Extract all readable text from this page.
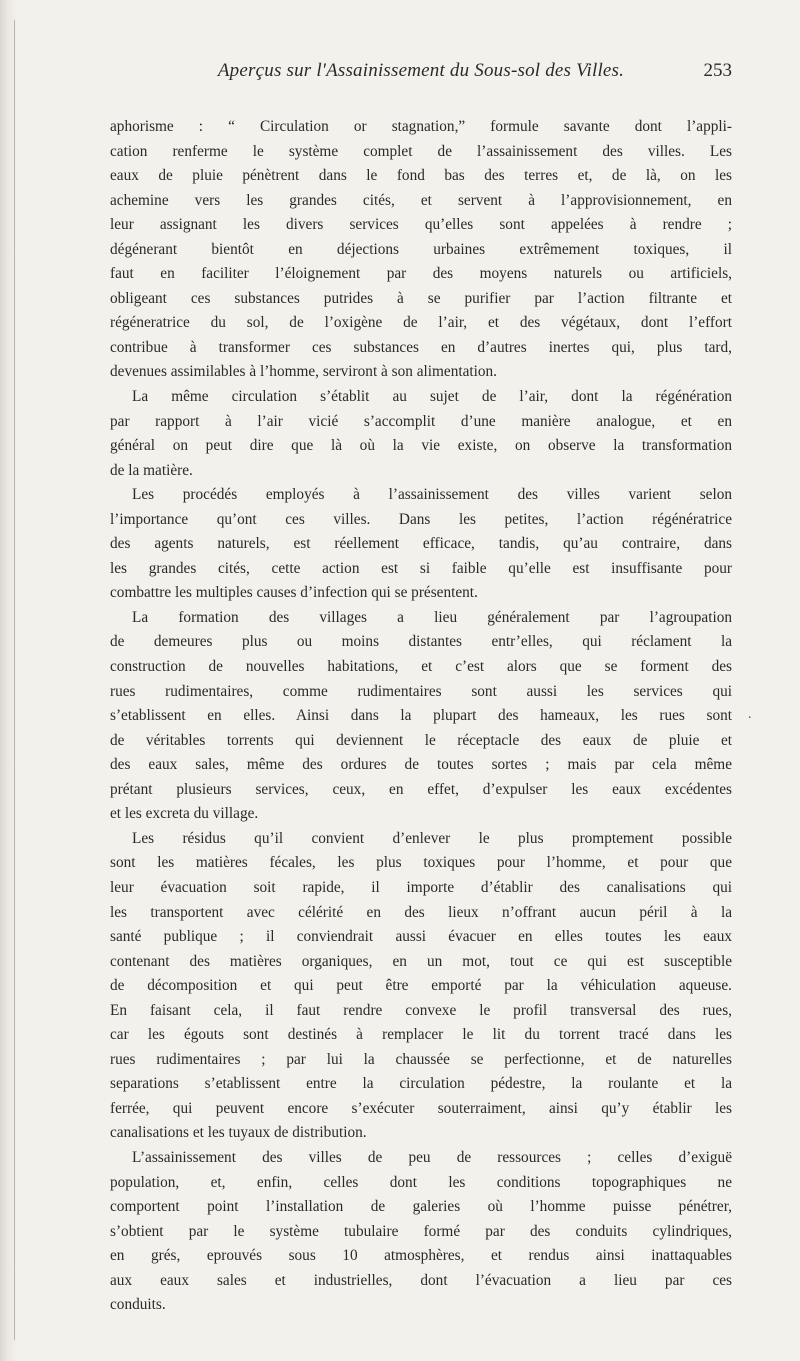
Aperçus sur l'Assainissement du Sous-sol des Villes.	253
aphorisme : “ Circulation or stagnation,” formule savante dont l’appli-
cation renferme le système complet de l’assainissement des villes. Les
eaux de pluie pénètrent dans le fond bas des terres et, de là, on les
achemine vers les grandes cités, et servent à l’approvisionnement, en
leur assignant les divers services qu’elles sont appelées à rendre ;
dégénerant bientôt en déjections urbaines extrêmement toxiques, il
faut en faciliter l’éloignement par des moyens naturels ou artificiels,
obligeant ces substances putrides à se purifier par l’action filtrante et
régéneratrice du sol, de l’oxigène de l’air, et des végétaux, dont l’effort
contribue à transformer ces substances en d’autres inertes qui, plus tard,
devenues assimilables à l’homme, serviront à son alimentation.
La même circulation s’établit au sujet de l’air, dont la régénération
par rapport à l’air vicié s’accomplit d’une manière analogue, et en
général on peut dire que là où la vie existe, on observe la transformation
de la matière.
Les procédés employés à l’assainissement des villes varient selon
l’importance qu’ont ces villes. Dans les petites, l’action régénératrice
des agents naturels, est réellement efficace, tandis, qu’au contraire, dans
les grandes cités, cette action est si faible qu’elle est insuffisante pour
combattre les multiples causes d’infection qui se présentent.
La formation des villages a lieu généralement par l’agroupation
de demeures plus ou moins distantes entr’elles, qui réclament la
construction de nouvelles habitations, et c’est alors que se forment des
rues rudimentaires, comme rudimentaires sont aussi les services qui
s’etablissent en elles. Ainsi dans la plupart des hameaux, les rues sont
de véritables torrents qui deviennent le réceptacle des eaux de pluie et
des eaux sales, même des ordures de toutes sortes ; mais par cela même
prétant plusieurs services, ceux, en effet, d’expulser les eaux excédentes
et les excreta du village.
Les résidus qu’il convient d’enlever le plus promptement possible
sont les matières fécales, les plus toxiques pour l’homme, et pour que
leur évacuation soit rapide, il importe d’établir des canalisations qui
les transportent avec célérité en des lieux n’offrant aucun péril à la
santé publique ; il conviendrait aussi évacuer en elles toutes les eaux
contenant des matières organiques, en un mot, tout ce qui est susceptible
de décomposition et qui peut être emporté par la véhiculation aqueuse.
En faisant cela, il faut rendre convexe le profil transversal des rues,
car les égouts sont destinés à remplacer le lit du torrent tracé dans les
rues rudimentaires ; par lui la chaussée se perfectionne, et de naturelles
separations s’etablissent entre la circulation pédestre, la roulante et la
ferrée, qui peuvent encore s’exécuter souterraiment, ainsi qu’y établir les
canalisations et les tuyaux de distribution.
L’assainissement des villes de peu de ressources ; celles d’exiguë
population, et, enfin, celles dont les conditions topographiques ne
comportent point l’installation de galeries où l’homme puisse pénétrer,
s’obtient par le système tubulaire formé par des conduits cylindriques,
en grés, eprouvés sous 10 atmosphères, et rendus ainsi inattaquables
aux eaux sales et industrielles, dont l’évacuation a lieu par ces
conduits.
.
